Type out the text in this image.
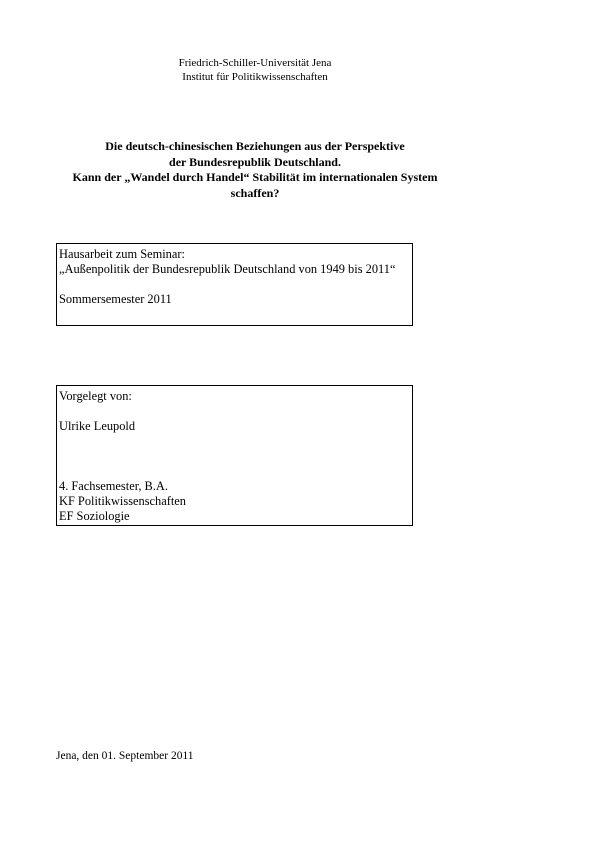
Friedrich-Schiller-Universität Jena
Institut für Politikwissenschaften
Die deutsch-chinesischen Beziehungen aus der Perspektive
der Bundesrepublik Deutschland.
Kann der „Wandel durch Handel“ Stabilität im internationalen System
schaffen?
Hausarbeit zum Seminar:
„Außenpolitik der Bundesrepublik Deutschland von 1949 bis 2011“
Sommersemester 2011
Vorgelegt von:
Ulrike Leupold
4. Fachsemester, B.A.
KF Politikwissenschaften
EF Soziologie
Jena, den 01. September 2011
